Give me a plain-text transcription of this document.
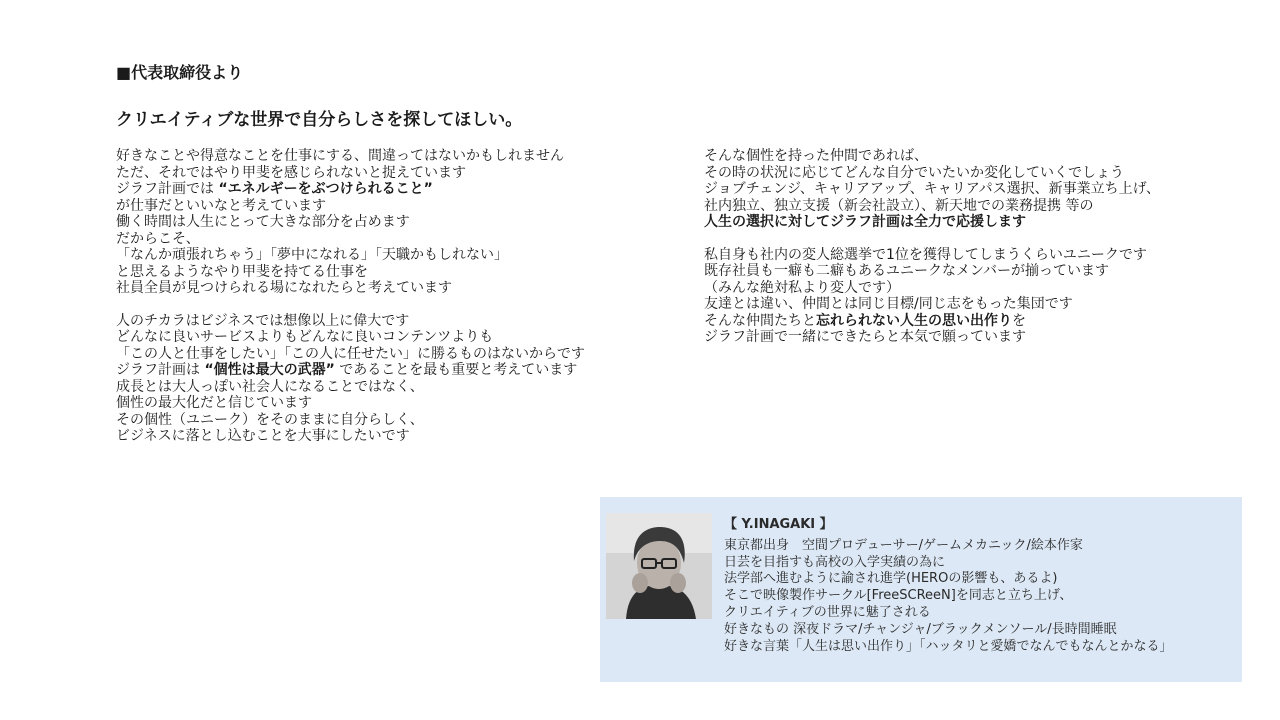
■代表取締役より
クリエイティブな世界で自分らしさを探してほしい。
好きなことや得意なことを仕事にする、間違ってはないかもしれません
ただ、それではやり甲斐を感じられないと捉えています
ジラフ計画では “エネルギーをぶつけられること”
が仕事だといいなと考えています
働く時間は人生にとって大きな部分を占めます
だからこそ、
「なんか頑張れちゃう」「夢中になれる」「天職かもしれない」
と思えるようなやり甲斐を持てる仕事を
社員全員が見つけられる場になれたらと考えています
人のチカラはビジネスでは想像以上に偉大です
どんなに良いサービスよりもどんなに良いコンテンツよりも
「この人と仕事をしたい」「この人に任せたい」に勝るものはないからです
ジラフ計画は “個性は最大の武器” であることを最も重要と考えています
成長とは大人っぽい社会人になることではなく、
個性の最大化だと信じています
その個性（ユニーク）をそのままに自分らしく、
ビジネスに落とし込むことを大事にしたいです
そんな個性を持った仲間であれば、
その時の状況に応じてどんな自分でいたいか変化していくでしょう
ジョブチェンジ、キャリアアップ、キャリアパス選択、新事業立ち上げ、
社内独立、独立支援（新会社設立）、新天地での業務提携 等の
人生の選択に対してジラフ計画は全力で応援します
私自身も社内の変人総選挙で1位を獲得してしまうくらいユニークです
既存社員も一癖も二癖もあるユニークなメンバーが揃っています
（みんな絶対私より変人です）
友達とは違い、仲間とは同じ目標/同じ志をもった集団です
そんな仲間たちと忘れられない人生の思い出作りを
ジラフ計画で一緒にできたらと本気で願っています
【 Y.INAGAKI 】
東京都出身　空間プロデューサー/ゲームメカニック/絵本作家
日芸を目指すも高校の入学実績の為に
法学部へ進むように諭され進学(HEROの影響も、あるよ)
そこで映像製作サークル[FreeSCReeN]を同志と立ち上げ、
クリエイティブの世界に魅了される
好きなもの 深夜ドラマ/チャンジャ/ブラックメンソール/長時間睡眠
好きな言葉「人生は思い出作り」「ハッタリと愛嬌でなんでもなんとかなる」
